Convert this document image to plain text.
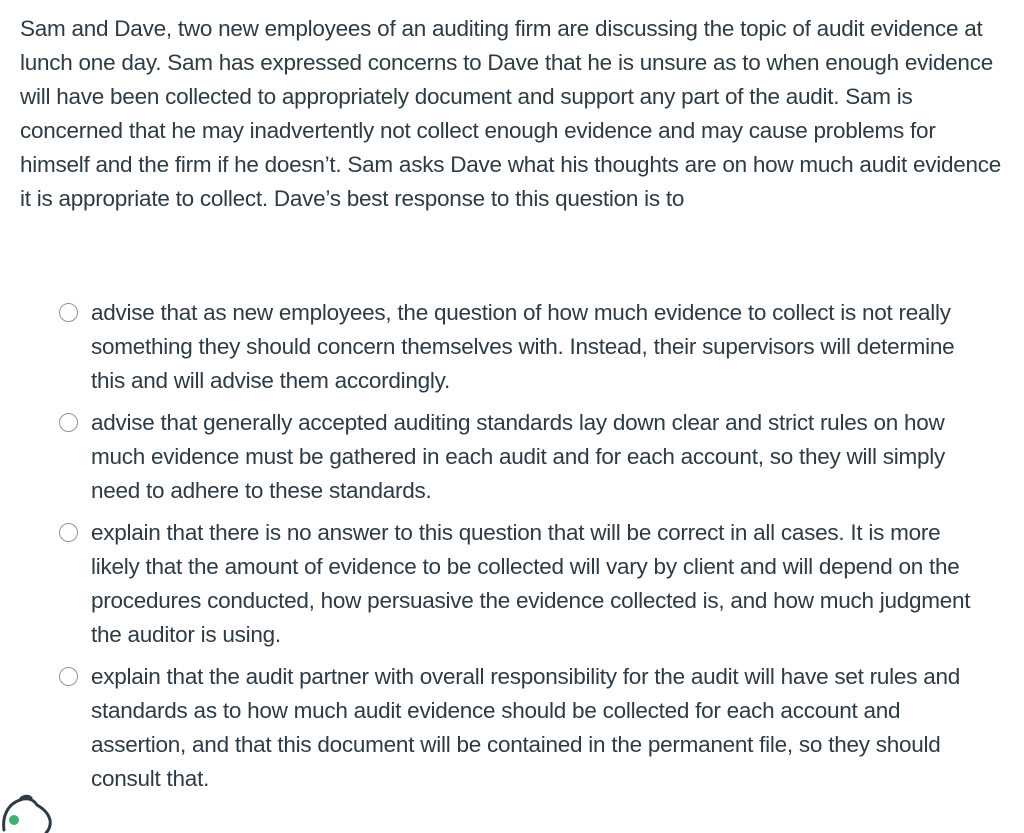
Sam and Dave, two new employees of an auditing firm are discussing the topic of audit evidence at lunch one day. Sam has expressed concerns to Dave that he is unsure as to when enough evidence will have been collected to appropriately document and support any part of the audit. Sam is concerned that he may inadvertently not collect enough evidence and may cause problems for himself and the firm if he doesn’t. Sam asks Dave what his thoughts are on how much audit evidence it is appropriate to collect. Dave’s best response to this question is to

advise that as new employees, the question of how much evidence to collect is not really something they should concern themselves with. Instead, their supervisors will determine this and will advise them accordingly.
advise that generally accepted auditing standards lay down clear and strict rules on how much evidence must be gathered in each audit and for each account, so they will simply need to adhere to these standards.
explain that there is no answer to this question that will be correct in all cases. It is more likely that the amount of evidence to be collected will vary by client and will depend on the procedures conducted, how persuasive the evidence collected is, and how much judgment the auditor is using.
explain that the audit partner with overall responsibility for the audit will have set rules and standards as to how much audit evidence should be collected for each account and assertion, and that this document will be contained in the permanent file, so they should consult that.
